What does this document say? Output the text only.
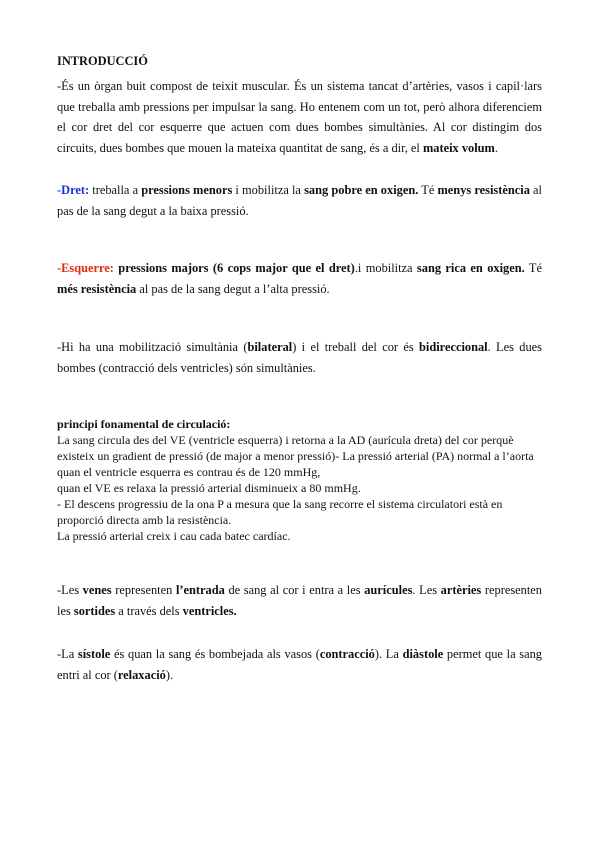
INTRODUCCIÓ

-És un òrgan buit compost de teixit muscular. És un sistema tancat d’artèries, vasos i capil·lars que treballa amb pressions per impulsar la sang. Ho entenem com un tot, però alhora diferenciem el cor dret del cor esquerre que actuen com dues bombes simultànies. Al cor distingim dos circuits, dues bombes que mouen la mateixa quantitat de sang, és a dir, el mateix volum.

-Dret: treballa a pressions menors i mobilitza la sang pobre en oxigen. Té menys resistència al pas de la sang degut a la baixa pressió.

-Esquerre: pressions majors (6 cops major que el dret).i mobilitza sang rica en oxigen. Té més resistència al pas de la sang degut a l’alta pressió.

-Hi ha una mobilització simultània (bilateral) i el treball del cor és bidireccional. Les dues bombes (contracció dels ventricles) són simultànies.

principi fonamental de circulació:
La sang circula des del VE (ventricle esquerra) i retorna a la AD (aurícula dreta) del cor perquè existeix un gradient de pressió (de major a menor pressió)- La pressió arterial (PA) normal a l’aorta quan el ventricle esquerra es contrau és de 120 mmHg,
quan el VE es relaxa la pressió arterial disminueix a 80 mmHg.
- El descens progressiu de la ona P a mesura que la sang recorre el sistema circulatori està en proporció directa amb la resistència.
La pressió arterial creix i cau cada batec cardíac.

-Les venes representen l’entrada de sang al cor i entra a les aurícules. Les artèries representen les sortides a través dels ventricles.

-La sístole és quan la sang és bombejada als vasos (contracció). La diàstole permet que la sang entri al cor (relaxació).
